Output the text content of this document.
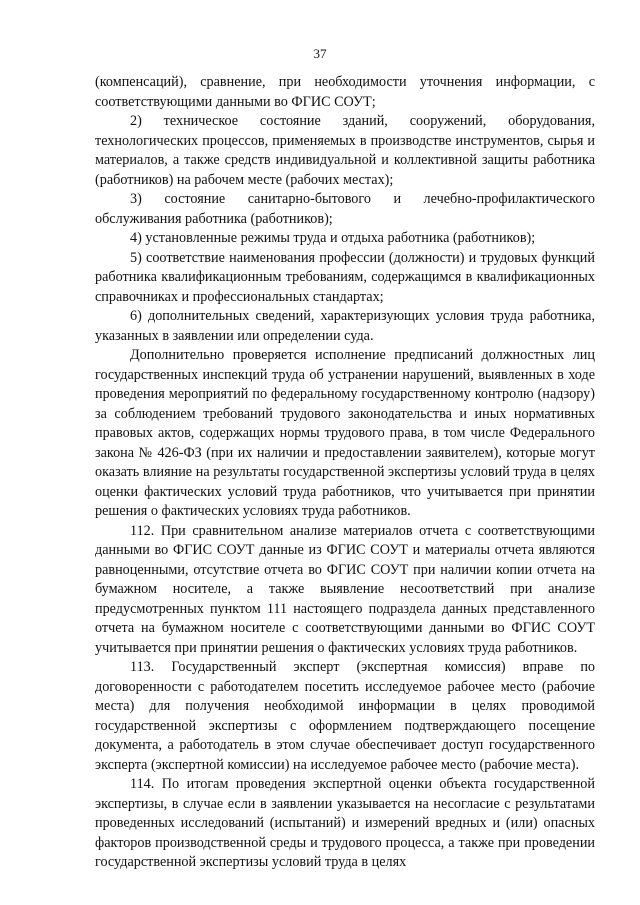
37

(компенсаций), сравнение, при необходимости уточнения информации, с соответствующими данными во ФГИС СОУТ;

2) техническое состояние зданий, сооружений, оборудования, технологических процессов, применяемых в производстве инструментов, сырья и материалов, а также средств индивидуальной и коллективной защиты работника (работников) на рабочем месте (рабочих местах);

3) состояние санитарно-бытового и лечебно-профилактического обслуживания работника (работников);

4) установленные режимы труда и отдыха работника (работников);

5) соответствие наименования профессии (должности) и трудовых функций работника квалификационным требованиям, содержащимся в квалификационных справочниках и профессиональных стандартах;

6) дополнительных сведений, характеризующих условия труда работника, указанных в заявлении или определении суда.

Дополнительно проверяется исполнение предписаний должностных лиц государственных инспекций труда об устранении нарушений, выявленных в ходе проведения мероприятий по федеральному государственному контролю (надзору) за соблюдением требований трудового законодательства и иных нормативных правовых актов, содержащих нормы трудового права, в том числе Федерального закона № 426-ФЗ (при их наличии и предоставлении заявителем), которые могут оказать влияние на результаты государственной экспертизы условий труда в целях оценки фактических условий труда работников, что учитывается при принятии решения о фактических условиях труда работников.

112. При сравнительном анализе материалов отчета с соответствующими данными во ФГИС СОУТ данные из ФГИС СОУТ и материалы отчета являются равноценными, отсутствие отчета во ФГИС СОУТ при наличии копии отчета на бумажном носителе, а также выявление несоответствий при анализе предусмотренных пунктом 111 настоящего подраздела данных представленного отчета на бумажном носителе с соответствующими данными во ФГИС СОУТ учитывается при принятии решения о фактических условиях труда работников.

113. Государственный эксперт (экспертная комиссия) вправе по договоренности с работодателем посетить исследуемое рабочее место (рабочие места) для получения необходимой информации в целях проводимой государственной экспертизы с оформлением подтверждающего посещение документа, а работодатель в этом случае обеспечивает доступ государственного эксперта (экспертной комиссии) на исследуемое рабочее место (рабочие места).

114. По итогам проведения экспертной оценки объекта государственной экспертизы, в случае если в заявлении указывается на несогласие с результатами проведенных исследований (испытаний) и измерений вредных и (или) опасных факторов производственной среды и трудового процесса, а также при проведении государственной экспертизы условий труда в целях
